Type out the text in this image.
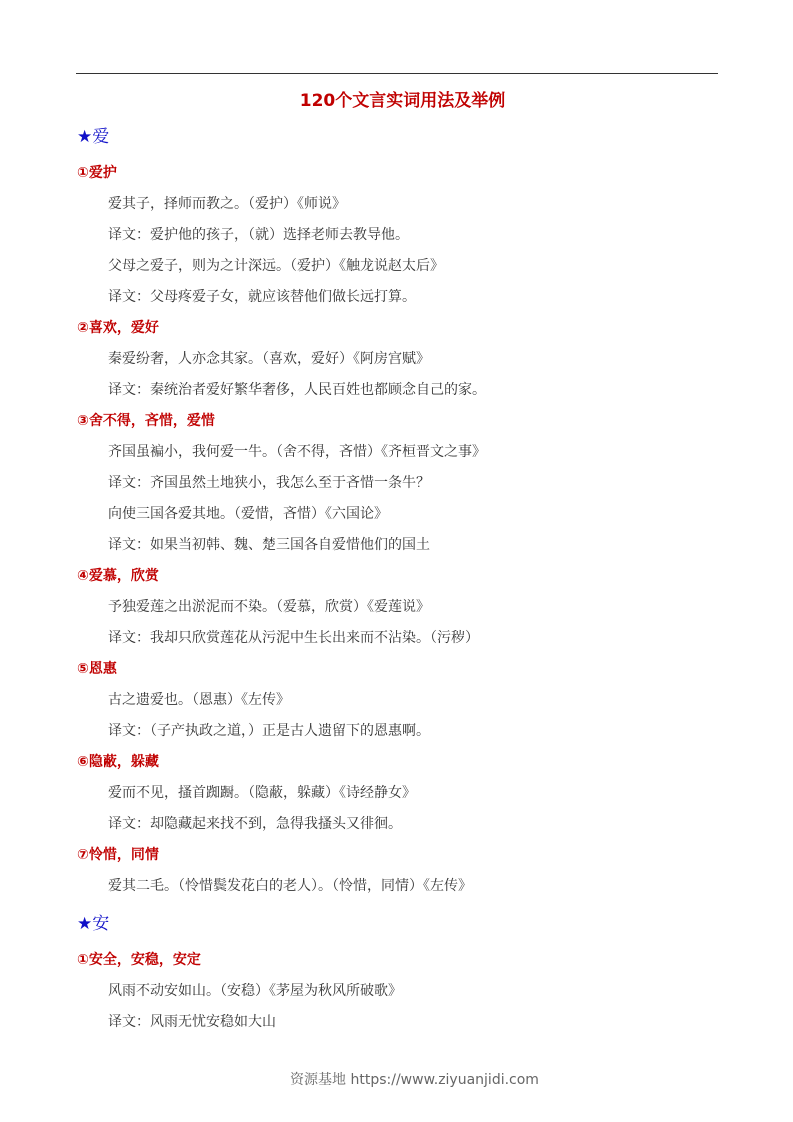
120个文言实词用法及举例
★爱
①爱护
爱其子，择师而教之。（爱护）《师说》
译文：爱护他的孩子，（就）选择老师去教导他。
父母之爱子，则为之计深远。（爱护）《触龙说赵太后》
译文：父母疼爱子女，就应该替他们做长远打算。
②喜欢，爱好
秦爱纷奢，人亦念其家。（喜欢，爱好）《阿房宫赋》
译文：秦统治者爱好繁华奢侈，人民百姓也都顾念自己的家。
③舍不得，吝惜，爱惜
齐国虽褊小，我何爱一牛。（舍不得，吝惜）《齐桓晋文之事》
译文：齐国虽然土地狭小，我怎么至于吝惜一条牛？
向使三国各爱其地。（爱惜，吝惜）《六国论》
译文：如果当初韩、魏、楚三国各自爱惜他们的国土
④爱慕，欣赏
予独爱莲之出淤泥而不染。（爱慕，欣赏）《爱莲说》
译文：我却只欣赏莲花从污泥中生长出来而不沾染。（污秽）
⑤恩惠
古之遗爱也。（恩惠）《左传》
译文：（子产执政之道，）正是古人遗留下的恩惠啊。
⑥隐蔽，躲藏
爱而不见，搔首踟蹰。（隐蔽，躲藏）《诗经静女》
译文：却隐藏起来找不到，急得我搔头又徘徊。
⑦怜惜，同情
爱其二毛。（怜惜鬓发花白的老人）。（怜惜，同情）《左传》
★安
①安全，安稳，安定
风雨不动安如山。（安稳）《茅屋为秋风所破歌》
译文：风雨无忧安稳如大山
资源基地 https://www.ziyuanjidi.com
